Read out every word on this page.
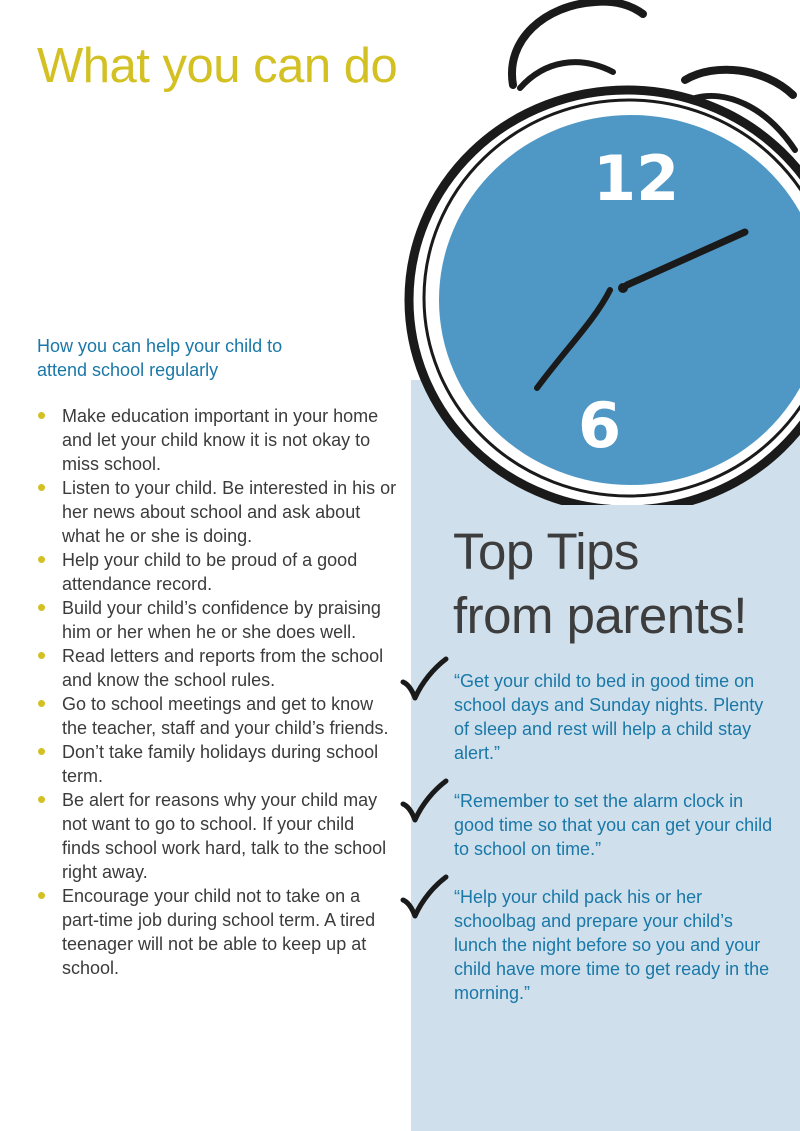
12
6
What you can do
How you can help your child to
attend school regularly
Make education important in your home and let your child know it is not okay to miss school.
Listen to your child. Be interested in his or her news about school and ask about what he or she is doing.
Help your child to be proud of a good attendance record.
Build your child’s confidence by praising him or her when he or she does well.
Read letters and reports from the school and know the school rules.
Go to school meetings and get to know the teacher, staff and your child’s friends.
Don’t take family holidays during school term.
Be alert for reasons why your child may not want to go to school. If your child finds school work hard, talk to the school right away.
Encourage your child not to take on a part-time job during school term. A tired teenager will not be able to keep up at school.
Top Tips
from parents!
“Get your child to bed in good time on school days and Sunday nights. Plenty of sleep and rest will help a child stay alert.”
“Remember to set the alarm clock in good time so that you can get your child to school on time.”
“Help your child pack his or her schoolbag and prepare your child’s lunch the night before so you and your child have more time to get ready in the morning.”
